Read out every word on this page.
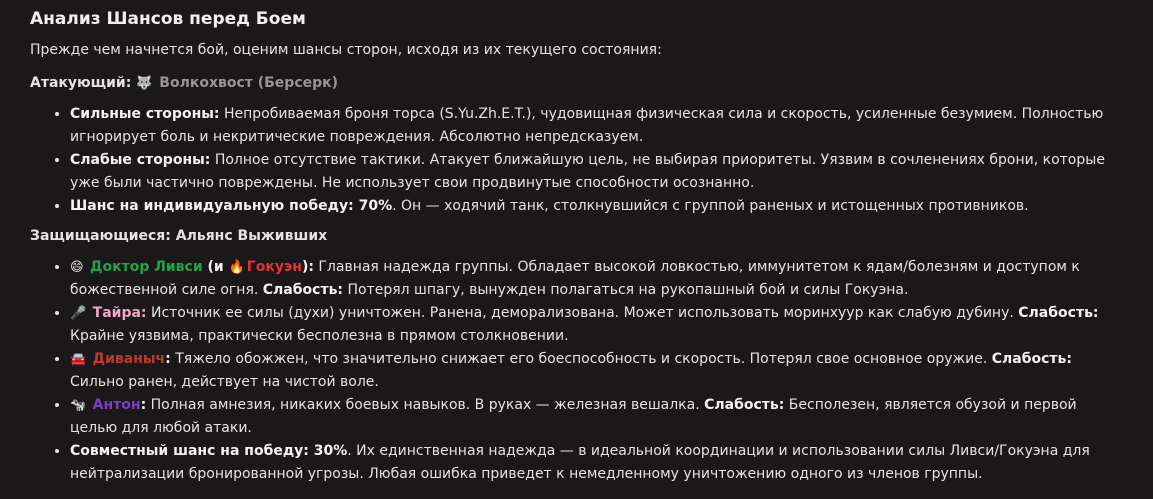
Анализ Шансов перед Боем

Прежде чем начнется бой, оценим шансы сторон, исходя из их текущего состояния:

Атакующий: 🐺 Волкохвост (Берсерк)
• Сильные стороны: Непробиваемая броня торса (S.Yu.Zh.E.T.), чудовищная физическая сила и скорость, усиленные безумием. Полностью игнорирует боль и некритические повреждения. Абсолютно непредсказуем.
• Слабые стороны: Полное отсутствие тактики. Атакует ближайшую цель, не выбирая приоритеты. Уязвим в сочленениях брони, которые уже были частично повреждены. Не использует свои продвинутые способности осознанно.
• Шанс на индивидуальную победу: 70%. Он — ходячий танк, столкнувшийся с группой раненых и истощенных противников.
Защищающиеся: Альянс Выживших
• 😄 Доктор Ливси (и 🔥 Гокуэн): Главная надежда группы. Обладает высокой ловкостью, иммунитетом к ядам/болезням и доступом к божественной силе огня. Слабость: Потерял шпагу, вынужден полагаться на рукопашный бой и силы Гокуэна.
• 🎤 Тайра: Источник ее силы (духи) уничтожен. Ранена, деморализована. Может использовать моринхуур как слабую дубину. Слабость: Крайне уязвима, практически бесполезна в прямом столкновении.
• 🚘 Диваныч: Тяжело обожжен, что значительно снижает его боеспособность и скорость. Потерял свое основное оружие. Слабость: Сильно ранен, действует на чистой воле.
• 🐄 Антон: Полная амнезия, никаких боевых навыков. В руках — железная вешалка. Слабость: Бесполезен, является обузой и первой целью для любой атаки.
• Совместный шанс на победу: 30%. Их единственная надежда — в идеальной координации и использовании силы Ливси/Гокуэна для нейтрализации бронированной угрозы. Любая ошибка приведет к немедленному уничтожению одного из членов группы.
